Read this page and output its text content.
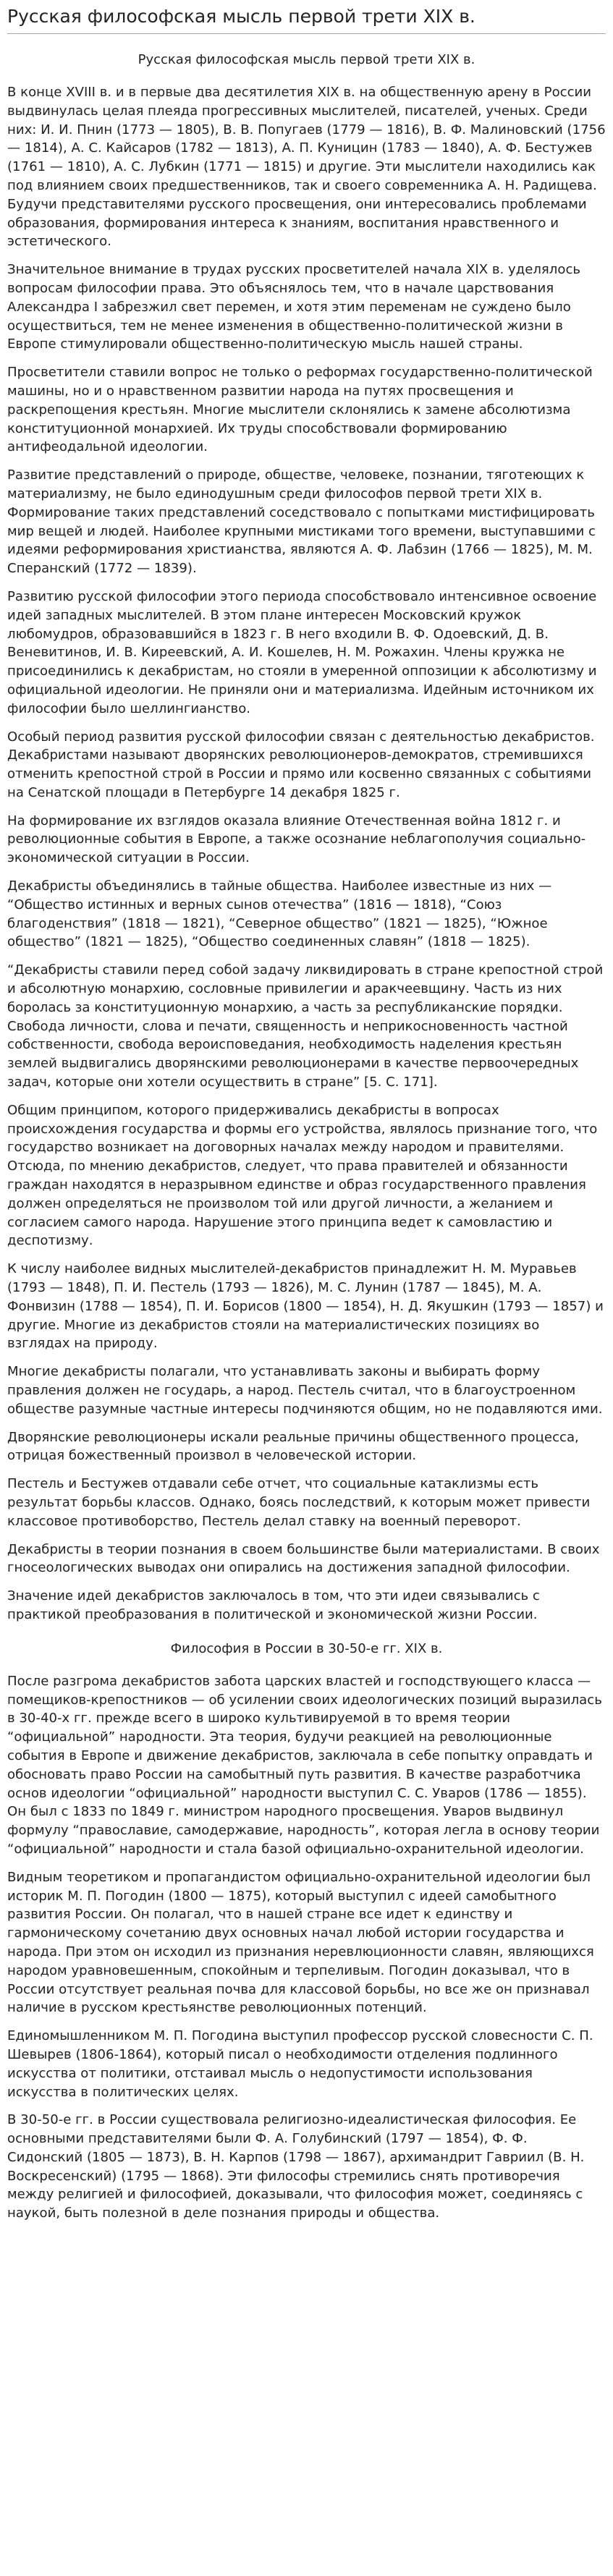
Русская философская мысль первой трети XIX в.
Русская философская мысль первой трети XIX в.

В конце XVIII в. и в первые два десятилетия XIX в. на общественную арену в России выдвинулась целая плеяда прогрессивных мыслителей, писателей, ученых. Среди них: И. И. Пнин (1773 — 1805), В. В. Попугаев (1779 — 1816), В. Ф. Малиновский (1756 — 1814), А. С. Кайсаров (1782 — 1813), А. П. Куницин (1783 — 1840), А. Ф. Бестужев (1761 — 1810), А. С. Лубкин (1771 — 1815) и другие. Эти мыслители находились как под влиянием своих предшественников, так и своего современника А. Н. Радищева. Будучи представителями русского просвещения, они интересовались проблемами образования, формирования интереса к знаниям, воспитания нравственного и эстетического.

Значительное внимание в трудах русских просветителей начала XIX в. уделялось вопросам философии права. Это объяснялось тем, что в начале царствования Александра I забрезжил свет перемен, и хотя этим переменам не суждено было осуществиться, тем не менее изменения в общественно-политической жизни в Европе стимулировали общественно-политическую мысль нашей страны.

Просветители ставили вопрос не только о реформах государственно-политической машины, но и о нравственном развитии народа на путях просвещения и раскрепощения крестьян. Многие мыслители склонялись к замене абсолютизма конституционной монархией. Их труды способствовали формированию антифеодальной идеологии.

Развитие представлений о природе, обществе, человеке, познании, тяготеющих к материализму, не было единодушным среди философов первой трети XIX в. Формирование таких представлений соседствовало с попытками мистифицировать мир вещей и людей. Наиболее крупными мистиками того времени, выступавшими с идеями реформирования христианства, являются А. Ф. Лабзин (1766 — 1825), М. М. Сперанский (1772 — 1839).

Развитию русской философии этого периода способствовало интенсивное освоение идей западных мыслителей. В этом плане интересен Московский кружок любомудров, образовавшийся в 1823 г. В него входили В. Ф. Одоевский, Д. В. Веневитинов, И. В. Киреевский, А. И. Кошелев, Н. М. Рожахин. Члены кружка не присоединились к декабристам, но стояли в умеренной оппозиции к абсолютизму и официальной идеологии. Не приняли они и материализма. Идейным источником их философии было шеллингианство.

Особый период развития русской философии связан с деятельностью декабристов. Декабристами называют дворянских революционеров-демократов, стремившихся отменить крепостной строй в России и прямо или косвенно связанных с событиями на Сенатской площади в Петербурге 14 декабря 1825 г.

На формирование их взглядов оказала влияние Отечественная война 1812 г. и революционные события в Европе, а также осознание неблагополучия социально-экономической ситуации в России.

Декабристы объединялись в тайные общества. Наиболее известные из них — “Общество истинных и верных сынов отечества” (1816 — 1818), “Союз благоденствия” (1818 — 1821), “Северное общество” (1821 — 1825), “Южное общество” (1821 — 1825), “Общество соединенных славян” (1818 — 1825).

“Декабристы ставили перед собой задачу ликвидировать в стране крепостной строй и абсолютную монархию, сословные привилегии и аракчеевщину. Часть из них боролась за конституционную монархию, а часть за республиканские порядки. Свобода личности, слова и печати, священность и неприкосновенность частной собственности, свобода вероисповедания, необходимость наделения крестьян землей выдвигались дворянскими революционерами в качестве первоочередных задач, которые они хотели осуществить в стране” [5. С. 171].

Общим принципом, которого придерживались декабристы в вопросах происхождения государства и формы его устройства, являлось признание того, что государство возникает на договорных началах между народом и правителями. Отсюда, по мнению декабристов, следует, что права правителей и обязанности граждан находятся в неразрывном единстве и образ государственного правления должен определяться не произволом той или другой личности, а желанием и согласием самого народа. Нарушение этого принципа ведет к самовластию и деспотизму.

К числу наиболее видных мыслителей-декабристов принадлежит Н. М. Муравьев (1793 — 1848), П. И. Пестель (1793 — 1826), М. С. Лунин (1787 — 1845), М. А. Фонвизин (1788 — 1854), П. И. Борисов (1800 — 1854), Н. Д. Якушкин (1793 — 1857) и другие. Многие из декабристов стояли на материалистических позициях во взглядах на природу.

Многие декабристы полагали, что устанавливать законы и выбирать форму правления должен не государь, а народ. Пестель считал, что в благоустроенном обществе разумные частные интересы подчиняются общим, но не подавляются ими.

Дворянские революционеры искали реальные причины общественного процесса, отрицая божественный произвол в человеческой истории.

Пестель и Бестужев отдавали себе отчет, что социальные катаклизмы есть результат борьбы классов. Однако, боясь последствий, к которым может привести классовое противоборство, Пестель делал ставку на военный переворот.

Декабристы в теории познания в своем большинстве были материалистами. В своих гносеологических выводах они опирались на достижения западной философии.

Значение идей декабристов заключалось в том, что эти идеи связывались с практикой преобразования в политической и экономической жизни России.

Философия в России в 30-50-е гг. XIX в.

После разгрома декабристов забота царских властей и господствующего класса — помещиков-крепостников — об усилении своих идеологических позиций выразилась в 30-40-х гг. прежде всего в широко культивируемой в то время теории “официальной” народности. Эта теория, будучи реакцией на революционные события в Европе и движение декабристов, заключала в себе попытку оправдать и обосновать право России на самобытный путь развития. В качестве разработчика основ идеологии “официальной” народности выступил С. С. Уваров (1786 — 1855). Он был с 1833 по 1849 г. министром народного просвещения. Уваров выдвинул формулу “православие, самодержавие, народность”, которая легла в основу теории “официальной” народности и стала базой официально-охранительной идеологии.

Видным теоретиком и пропагандистом официально-охранительной идеологии был историк М. П. Погодин (1800 — 1875), который выступил с идеей самобытного развития России. Он полагал, что в нашей стране все идет к единству и гармоническому сочетанию двух основных начал любой истории государства и народа. При этом он исходил из признания неревлюционности славян, являющихся народом уравновешенным, спокойным и терпеливым. Погодин доказывал, что в России отсутствует реальная почва для классовой борьбы, но все же он признавал наличие в русском крестьянстве революционных потенций.

Единомышленником М. П. Погодина выступил профессор русской словесности С. П. Шевырев (1806-1864), который писал о необходимости отделения подлинного искусства от политики, отстаивал мысль о недопустимости использования искусства в политических целях.

В 30-50-е гг. в России существовала религиозно-идеалистическая философия. Ее основными представителями были Ф. А. Голубинский (1797 — 1854), Ф. Ф. Сидонский (1805 — 1873), В. Н. Карпов (1798 — 1867), архимандрит Гавриил (В. Н. Воскресенский) (1795 — 1868). Эти философы стремились снять противоречия между религией и философией, доказывали, что философия может, соединяясь с наукой, быть полезной в деле познания природы и общества.
